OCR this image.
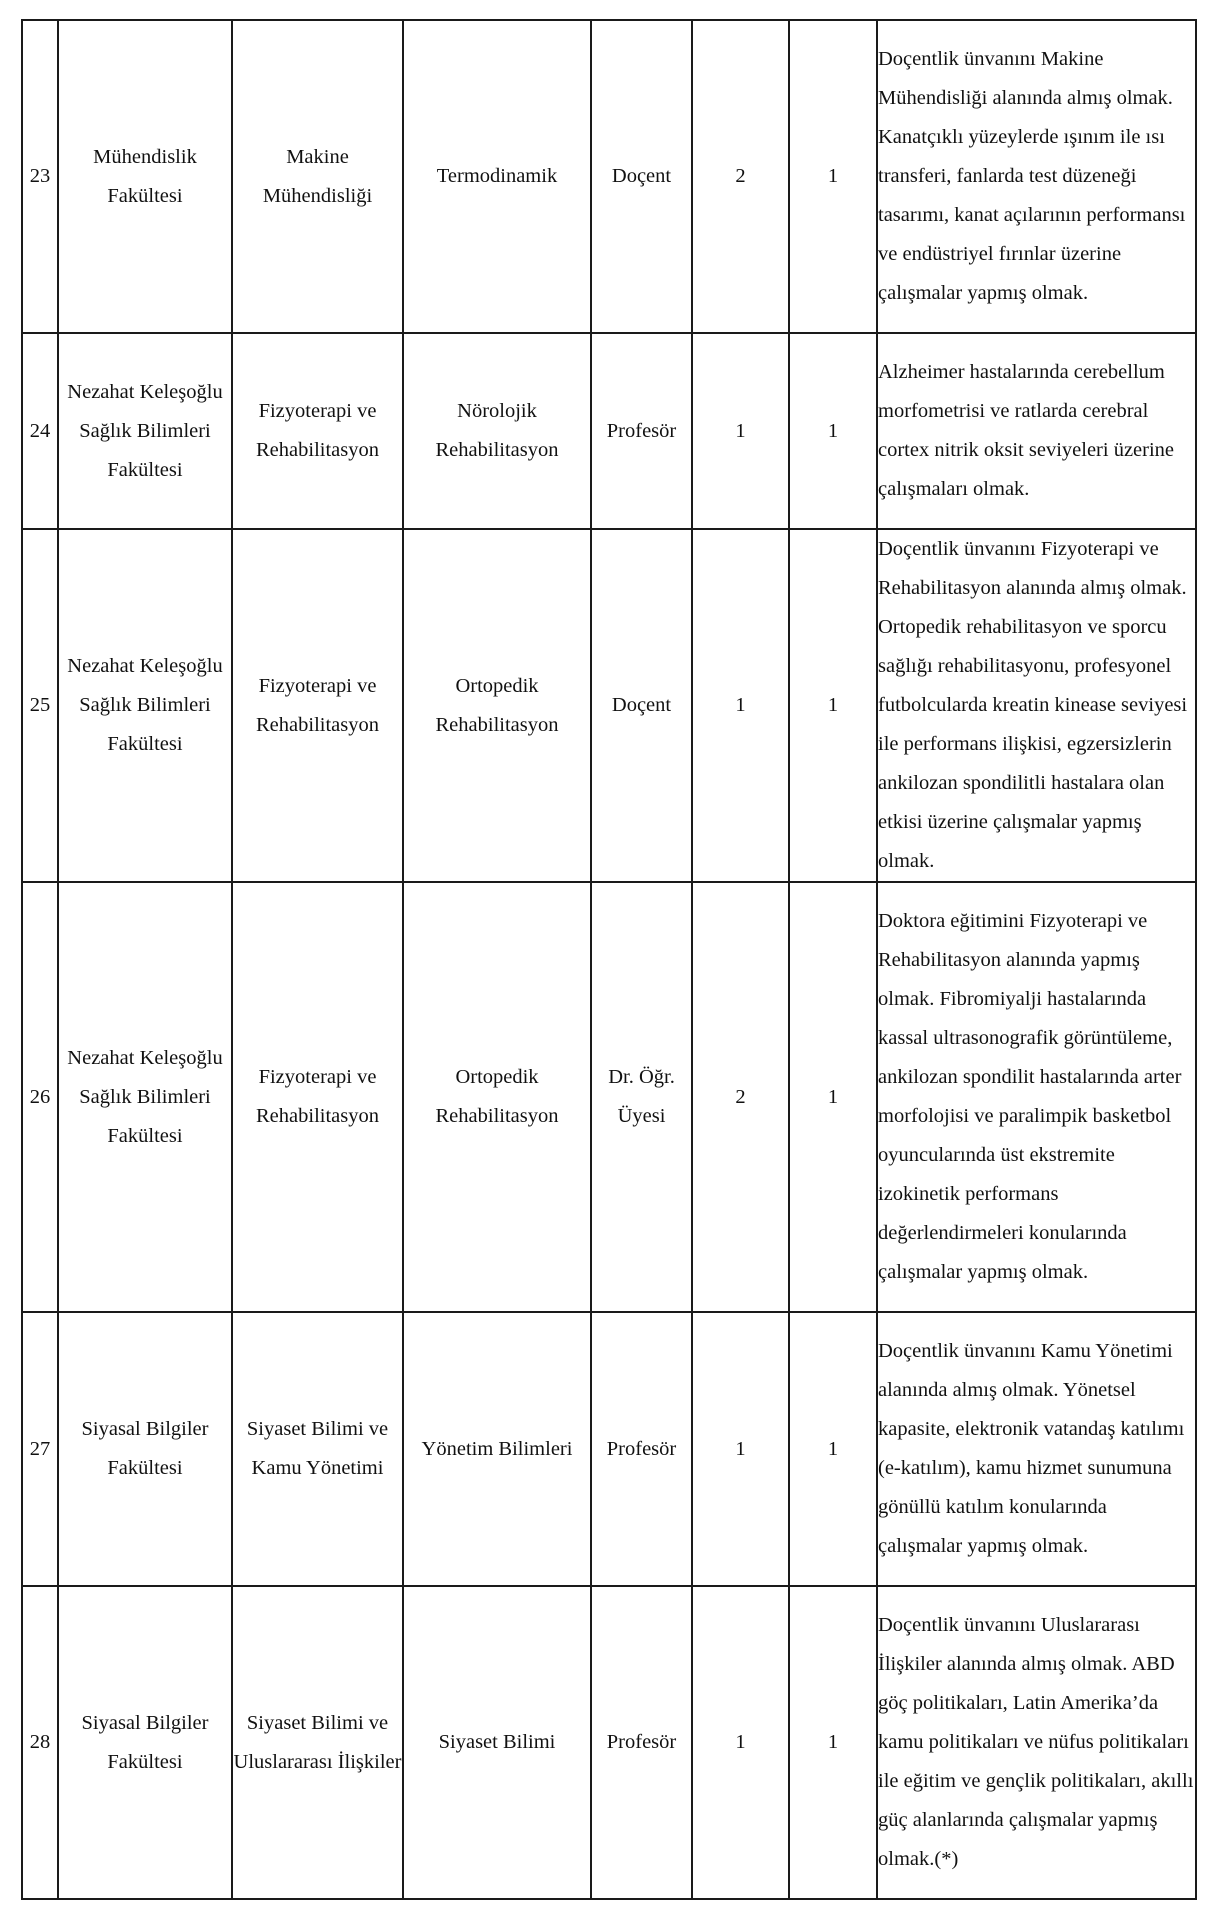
23	Mühendislik Fakültesi	Makine Mühendisliği	Termodinamik	Doçent	2	1	Doçentlik ünvanını Makine Mühendisliği alanında almış olmak. Kanatçıklı yüzeylerde ışınım ile ısı transferi, fanlarda test düzeneği tasarımı, kanat açılarının performansı ve endüstriyel fırınlar üzerine çalışmalar yapmış olmak.
24	Nezahat Keleşoğlu Sağlık Bilimleri Fakültesi	Fizyoterapi ve Rehabilitasyon	Nörolojik Rehabilitasyon	Profesör	1	1	Alzheimer hastalarında cerebellum morfometrisi ve ratlarda cerebral cortex nitrik oksit seviyeleri üzerine çalışmaları olmak.
25	Nezahat Keleşoğlu Sağlık Bilimleri Fakültesi	Fizyoterapi ve Rehabilitasyon	Ortopedik Rehabilitasyon	Doçent	1	1	Doçentlik ünvanını Fizyoterapi ve Rehabilitasyon alanında almış olmak. Ortopedik rehabilitasyon ve sporcu sağlığı rehabilitasyonu, profesyonel futbolcularda kreatin kinease seviyesi ile performans ilişkisi, egzersizlerin ankilozan spondilitli hastalara olan etkisi üzerine çalışmalar yapmış olmak.
26	Nezahat Keleşoğlu Sağlık Bilimleri Fakültesi	Fizyoterapi ve Rehabilitasyon	Ortopedik Rehabilitasyon	Dr. Öğr. Üyesi	2	1	Doktora eğitimini Fizyoterapi ve Rehabilitasyon alanında yapmış olmak. Fibromiyalji hastalarında kassal ultrasonografik görüntüleme, ankilozan spondilit hastalarında arter morfolojisi ve paralimpik basketbol oyuncularında üst ekstremite izokinetik performans değerlendirmeleri konularında çalışmalar yapmış olmak.
27	Siyasal Bilgiler Fakültesi	Siyaset Bilimi ve Kamu Yönetimi	Yönetim Bilimleri	Profesör	1	1	Doçentlik ünvanını Kamu Yönetimi alanında almış olmak. Yönetsel kapasite, elektronik vatandaş katılımı (e-katılım), kamu hizmet sunumuna gönüllü katılım konularında çalışmalar yapmış olmak.
28	Siyasal Bilgiler Fakültesi	Siyaset Bilimi ve Uluslararası İlişkiler	Siyaset Bilimi	Profesör	1	1	Doçentlik ünvanını Uluslararası İlişkiler alanında almış olmak. ABD göç politikaları, Latin Amerika’da kamu politikaları ve nüfus politikaları ile eğitim ve gençlik politikaları, akıllı güç alanlarında çalışmalar yapmış olmak.(*)
